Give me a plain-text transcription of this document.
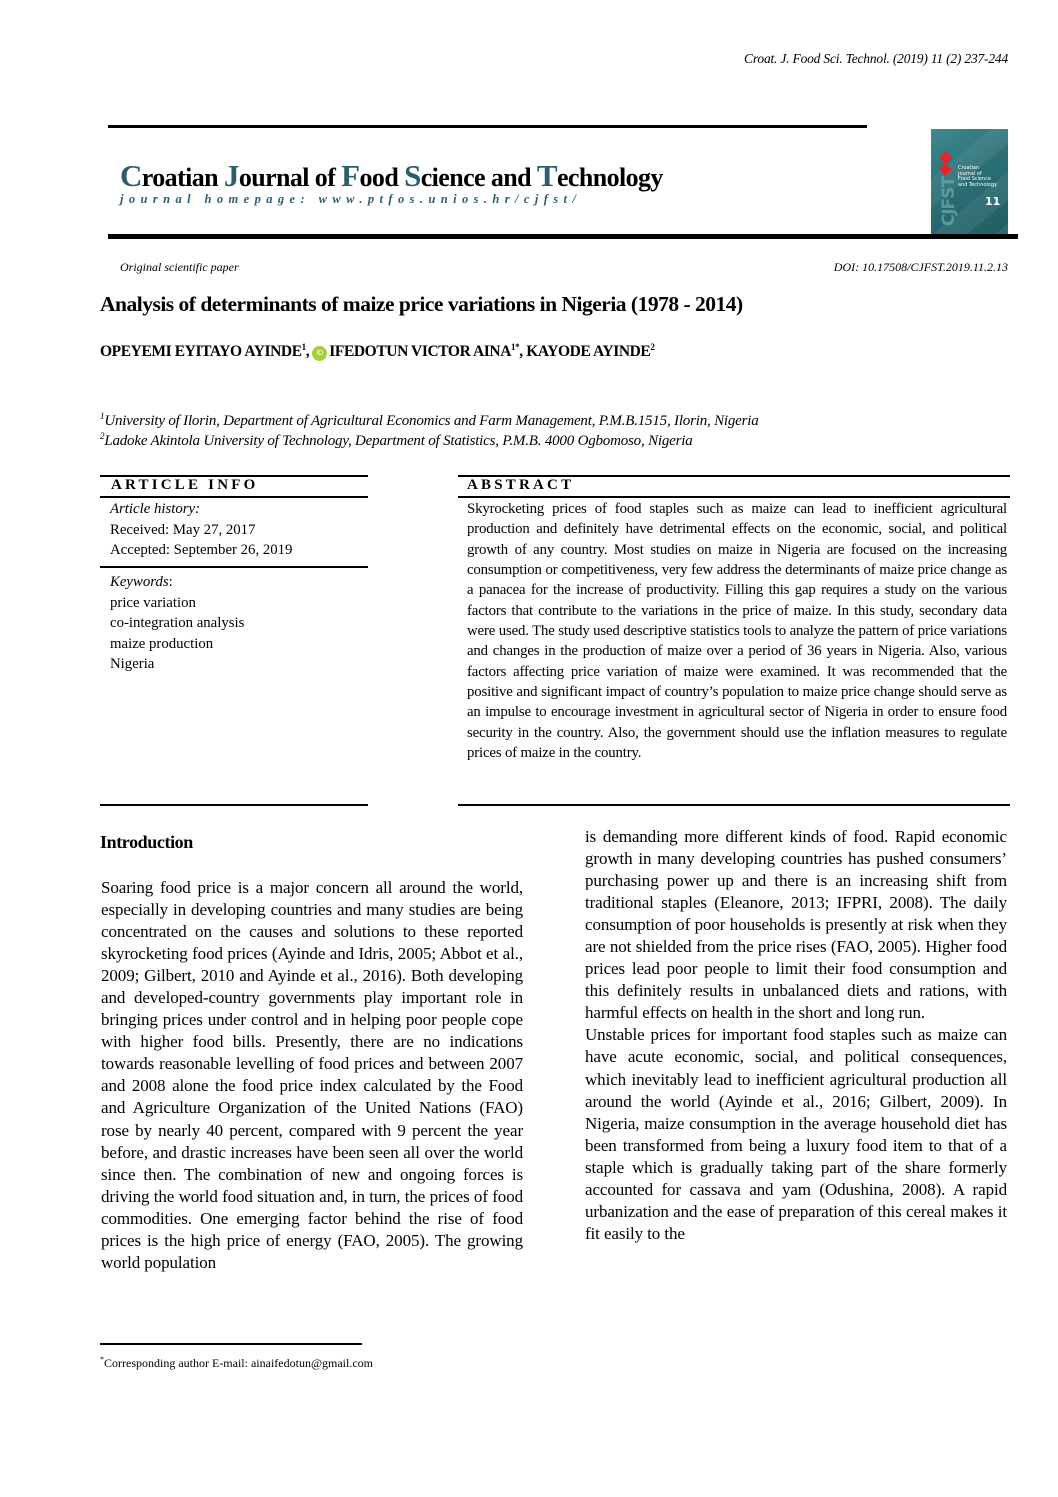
Croat. J. Food Sci. Technol. (2019) 11 (2) 237-244
Croatian Journal of Food Science and Technology
journal homepage: www.ptfos.unios.hr/cjfst/	CJFST
Croatian
Journal of
Food Science
and Technology
11
Original scientific paper	DOI: 10.17508/CJFST.2019.11.2.13
Analysis of determinants of maize price variations in Nigeria (1978 - 2014)
OPEYEMI EYITAYO AYINDE$^1$, iD IFEDOTUN VICTOR $AINA^{1*}$, KAYODE AYINDE$^2$
$^1$University of Ilorin, Department of Agricultural Economics and Farm Management, P.M.B.1515, Ilorin, Nigeria
$^2$Ladoke Akintola University of Technology, Department of Statistics, P.M.B. 4000 Ogbomoso, Nigeria
ARTICLE INFO
Article history:
Received: May 27, 2017
Accepted: September 26, 2019
Keywords:
price variation
co-integration analysis
maize production
Nigeria
ABSTRACT
Skyrocketing prices of food staples such as maize can lead to inefficient agricultural production and definitely have detrimental effects on the economic, social, and political growth of any country. Most studies on maize in Nigeria are focused on the increasing consumption or competitiveness, very few address the determinants of maize price change as a panacea for the increase of productivity. Filling this gap requires a study on the various factors that contribute to the variations in the price of maize. In this study, secondary data were used. The study used descriptive statistics tools to analyze the pattern of price variations and changes in the production of maize over a period of 36 years in Nigeria. Also, various factors affecting price variation of maize were examined. It was recommended that the positive and significant impact of country’s population to maize price change should serve as an impulse to encourage investment in agricultural sector of Nigeria in order to ensure food security in the country. Also, the government should use the inflation measures to regulate prices of maize in the country.
Introduction
Soaring food price is a major concern all around the world, especially in developing countries and many studies are being concentrated on the causes and solutions to these reported skyrocketing food prices (Ayinde and Idris, 2005; Abbot et al., 2009; Gilbert, 2010 and Ayinde et al., 2016). Both developing and developed-country governments play important role in bringing prices under control and in helping poor people cope with higher food bills. Presently, there are no indications towards reasonable levelling of food prices and between 2007 and 2008 alone the food price index calculated by the Food and Agriculture Organization of the United Nations (FAO) rose by nearly 40 percent, compared with 9 percent the year before, and drastic increases have been seen all over the world since then. The combination of new and ongoing forces is driving the world food situation and, in turn, the prices of food commodities. One emerging factor behind the rise of food prices is the high price of energy (FAO, 2005). The growing world population

is demanding more different kinds of food. Rapid economic growth in many developing countries has pushed consumers’ purchasing power up and there is an increasing shift from traditional staples (Eleanore, 2013; IFPRI, 2008). The daily consumption of poor households is presently at risk when they are not shielded from the price rises (FAO, 2005). Higher food prices lead poor people to limit their food consumption and this definitely results in unbalanced diets and rations, with harmful effects on health in the short and long run.

Unstable prices for important food staples such as maize can have acute economic, social, and political consequences, which inevitably lead to inefficient agricultural production all around the world (Ayinde et al., 2016; Gilbert, 2009). In Nigeria, maize consumption in the average household diet has been transformed from being a luxury food item to that of a staple which is gradually taking part of the share formerly accounted for cassava and yam (Odushina, 2008). A rapid urbanization and the ease of preparation of this cereal makes it fit easily to the

*Corresponding author E-mail: ainaifedotun@gmail.com
